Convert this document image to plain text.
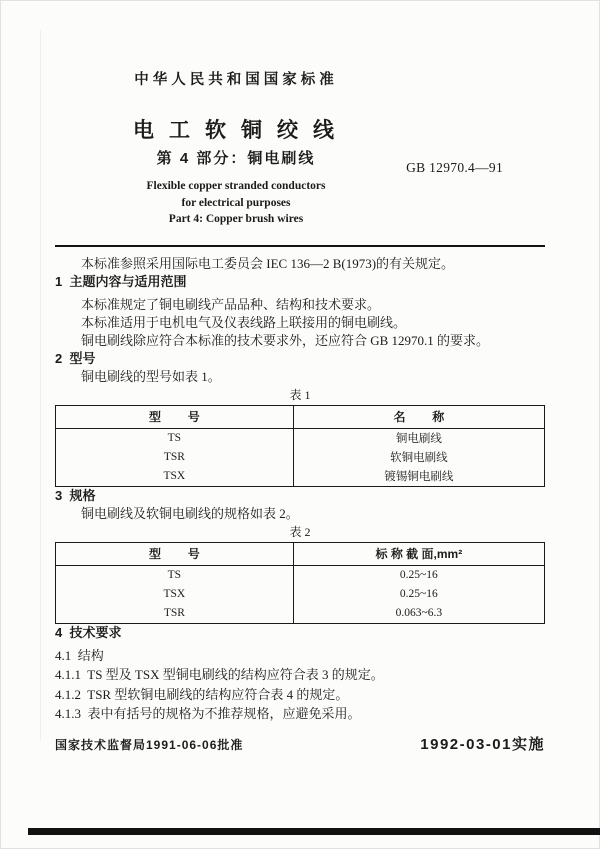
GB 12970.4—91
中华人民共和国国家标准
电工软铜绞线
第 4 部分：铜电刷线
Flexible copper stranded conductors
for electrical purposes
Part 4: Copper brush wires

本标准参照采用国际电工委员会 IEC 136—2 B(1973)的有关规定。

1  主题内容与适用范围

本标准规定了铜电刷线产品品种、结构和技术要求。

本标准适用于电机电气及仪表线路上联接用的铜电刷线。

铜电刷线除应符合本标准的技术要求外，还应符合 GB 12970.1 的要求。

2  型号

铜电刷线的型号如表 1。

表 1
型        号	名        称
TS	铜电刷线
TSR	软铜电刷线
TSX	镀锡铜电刷线
3  规格

铜电刷线及软铜电刷线的规格如表 2。

表 2
型        号	标 称 截 面,mm²
TS	0.25~16
TSX	0.25~16
TSR	0.063~6.3
4  技术要求

4.1  结构

4.1.1  TS 型及 TSX 型铜电刷线的结构应符合表 3 的规定。

4.1.2  TSR 型软铜电刷线的结构应符合表 4 的规定。

4.1.3  表中有括号的规格为不推荐规格，应避免采用。

国家技术监督局1991-06-06批准	1992-03-01实施
